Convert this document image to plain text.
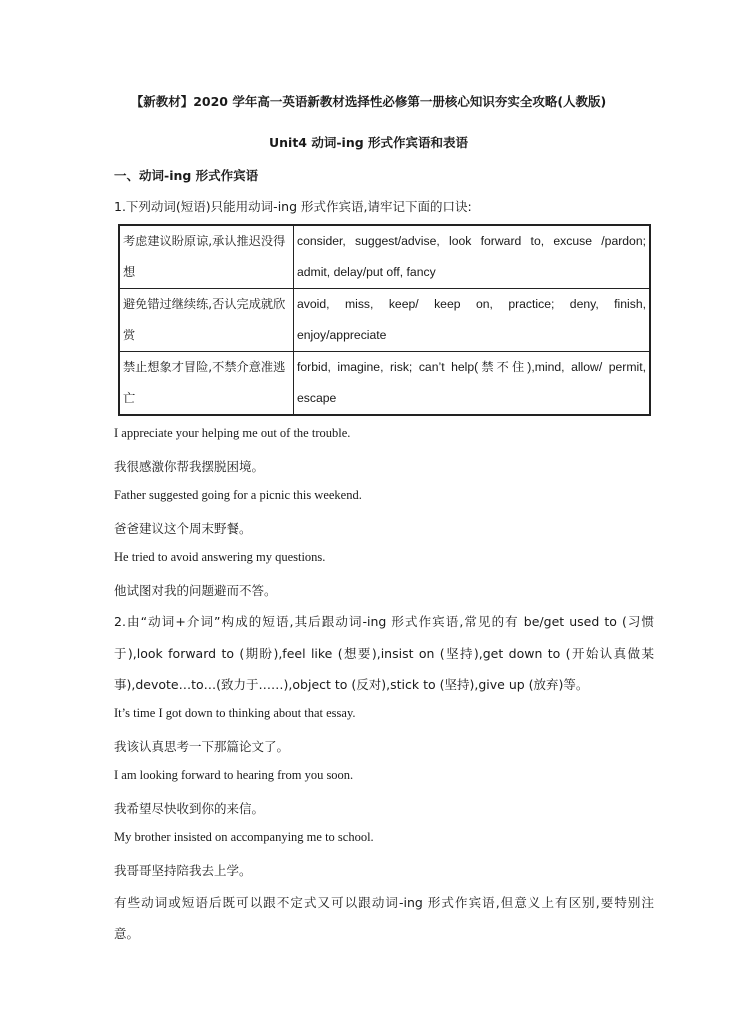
【新教材】2020 学年高一英语新教材选择性必修第一册核心知识夯实全攻略(人教版)
Unit4 动词-ing 形式作宾语和表语
一、动词-ing 形式作宾语
1.下列动词(短语)只能用动词-ing 形式作宾语,请牢记下面的口诀:
考虑建议盼原谅,承认推迟没得想	consider, suggest/advise, look forward to, excuse /pardon; admit, delay/put off, fancy
避免错过继续练,否认完成就欣赏	avoid, miss, keep/ keep on, practice; deny, finish, enjoy/appreciate
禁止想象才冒险,不禁介意准逃亡	forbid, imagine, risk; can’t help(禁不住),mind, allow/ permit, escape
I appreciate your helping me out of the trouble.
我很感激你帮我摆脱困境。
Father suggested going for a picnic this weekend.
爸爸建议这个周末野餐。
He tried to avoid answering my questions.
他试图对我的问题避而不答。
2.由“动词+介词”构成的短语,其后跟动词-ing 形式作宾语,常见的有 be/get used to (习惯
于),look forward to (期盼),feel like (想要),insist on (坚持),get down to (开始认真做某
事),devote…to…(致力于……),object to (反对),stick to (坚持),give up (放弃)等。
It’s time I got down to thinking about that essay.
我该认真思考一下那篇论文了。
I am looking forward to hearing from you soon.
我希望尽快收到你的来信。
My brother insisted on accompanying me to school.
我哥哥坚持陪我去上学。
有些动词或短语后既可以跟不定式又可以跟动词-ing 形式作宾语,但意义上有区别,要特别注
意。
